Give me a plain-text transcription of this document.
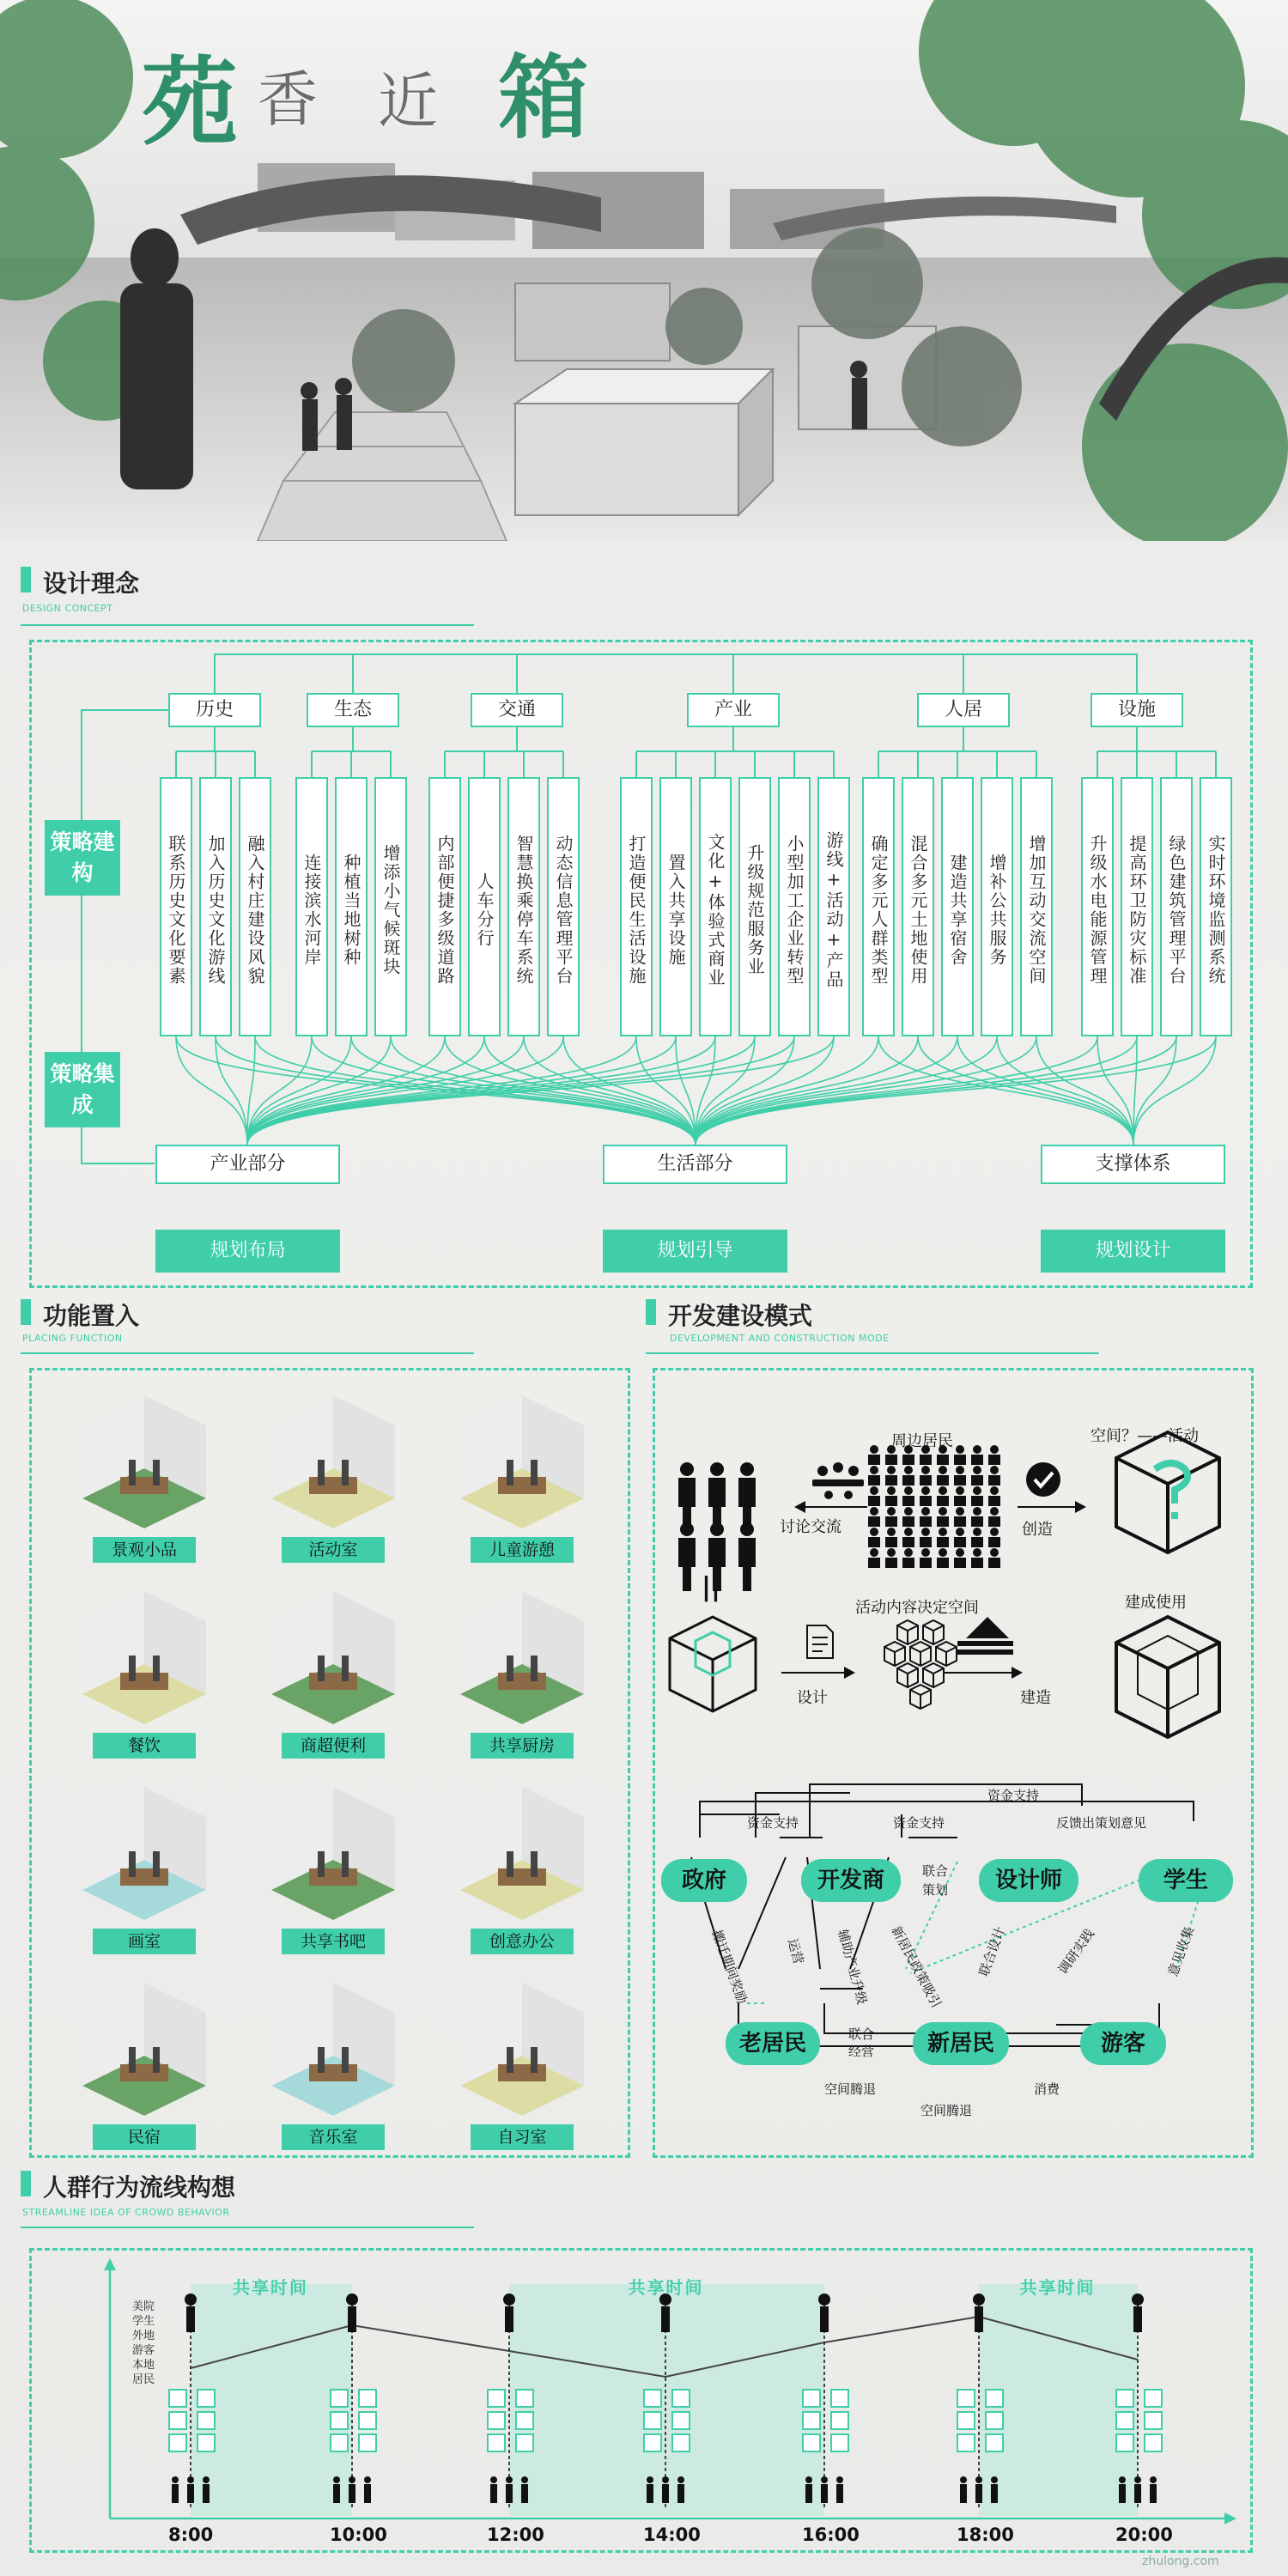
苑 香 近 箱
设计理念
DESIGN CONCEPT
历史	生态	交通	产业	人居	设施
联系历史文化要素	加入历史文化游线	融入村庄建设风貌	连接滨水河岸	种植当地树种	增添小气候斑块	内部便捷多级道路	人车分行	智慧换乘停车系统	动态信息管理平台	打造便民生活设施	置入共享设施	文化+体验式商业	升级规范服务业	小型加工企业转型	游线+活动+产品	确定多元人群类型	混合多元土地使用	建造共享宿舍	增补公共服务	增加互动交流空间	升级水电能源管理	提高环卫防灾标准	绿色建筑管理平台	实时环境监测系统
策略建构
策略集成
产业部分	生活部分	支撑体系
规划布局	规划引导	规划设计
功能置入
PLACING FUNCTION
景观小品	活动室	儿童游憩
餐饮	商超便利	共享厨房
画室	共享书吧	创意办公
民宿	音乐室	自习室
开发建设模式
DEVELOPMENT AND CONSTRUCTION MODE
||
周边居民
讨论交流
空间？——活动
创造
活动内容决定空间	建成使用
设计	建造
政府	开发商	设计师	学生
老居民	新居民	游客
资金支持
资金支持	资金支持	反馈出策划意见
联合
策划
搬迁期间奖励	运营 辅助产业升级 新居民政策吸引 联合设计	调研实践	意见收集
联合
经营
空间腾退	消费
空间腾退
人群行为流线构想
STREAMLINE IDEA OF CROWD BEHAVIOR
共享时间	共享时间	共享时间
美院学生
外地游客
本地居民
8:00	10:00	12:00	14:00	16:00	18:00	20:00
zhulong.com
